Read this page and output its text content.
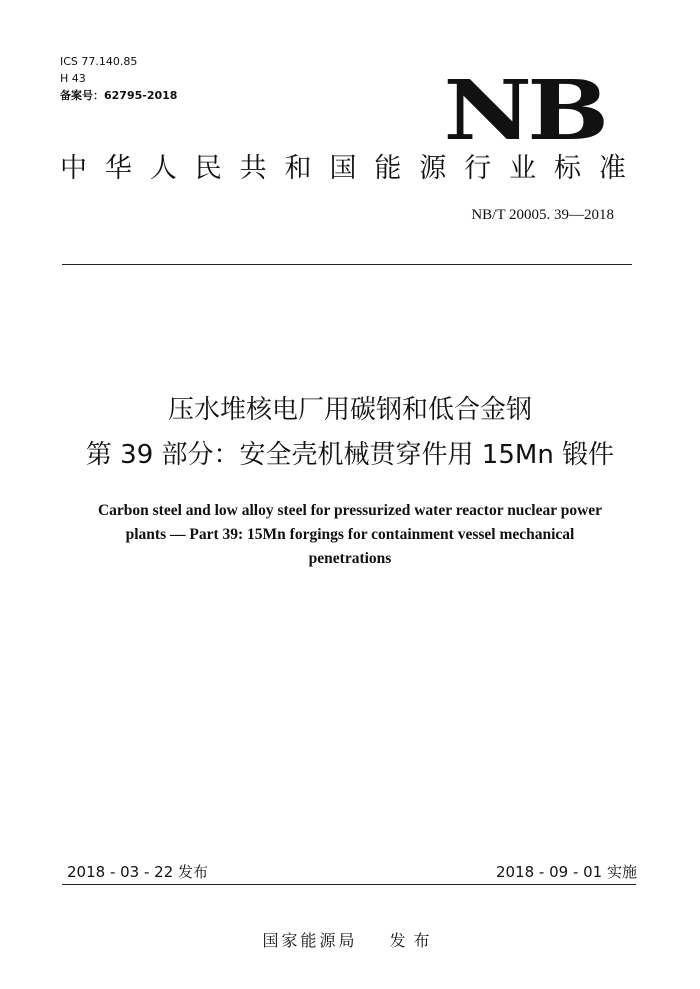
ICS 77.140.85
H 43
备案号：62795-2018	NB
中 华 人 民 共 和 国 能 源 行 业 标 准
NB/T 20005. 39—2018
压水堆核电厂用碳钢和低合金钢
第 39 部分：安全壳机械贯穿件用 15Mn 锻件
Carbon steel and low alloy steel for pressurized water reactor nuclear power
plants — Part 39: 15Mn forgings for containment vessel mechanical
penetrations
2018 - 03 - 22 发布	2018 - 09 - 01 实施
国家能源局 发布
